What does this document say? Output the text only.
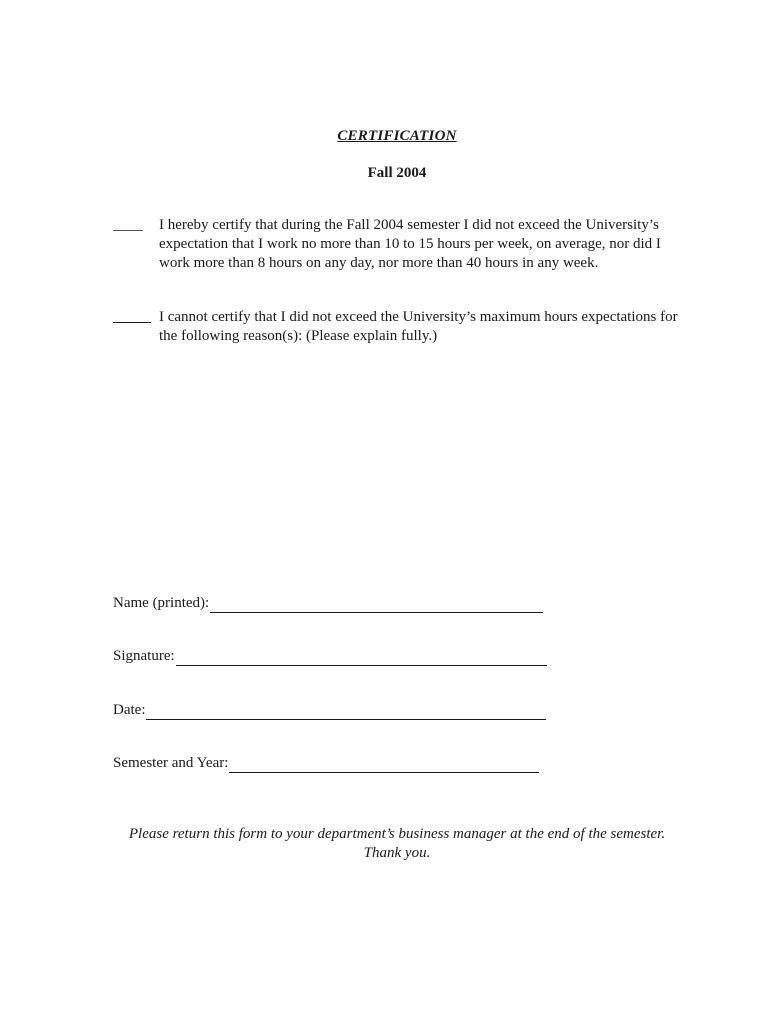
CERTIFICATION
Fall 2004
I hereby certify that during the Fall 2004 semester I did not exceed the University’s expectation that I work no more than 10 to 15 hours per week, on average, nor did I work more than 8 hours on any day, nor more than 40 hours in any week.
I cannot certify that I did not exceed the University’s maximum hours expectations for the following reason(s): (Please explain fully.)
Name (printed):
Signature:
Date:
Semester and Year:
Please return this form to your department’s business manager at the end of the semester.
Thank you.
